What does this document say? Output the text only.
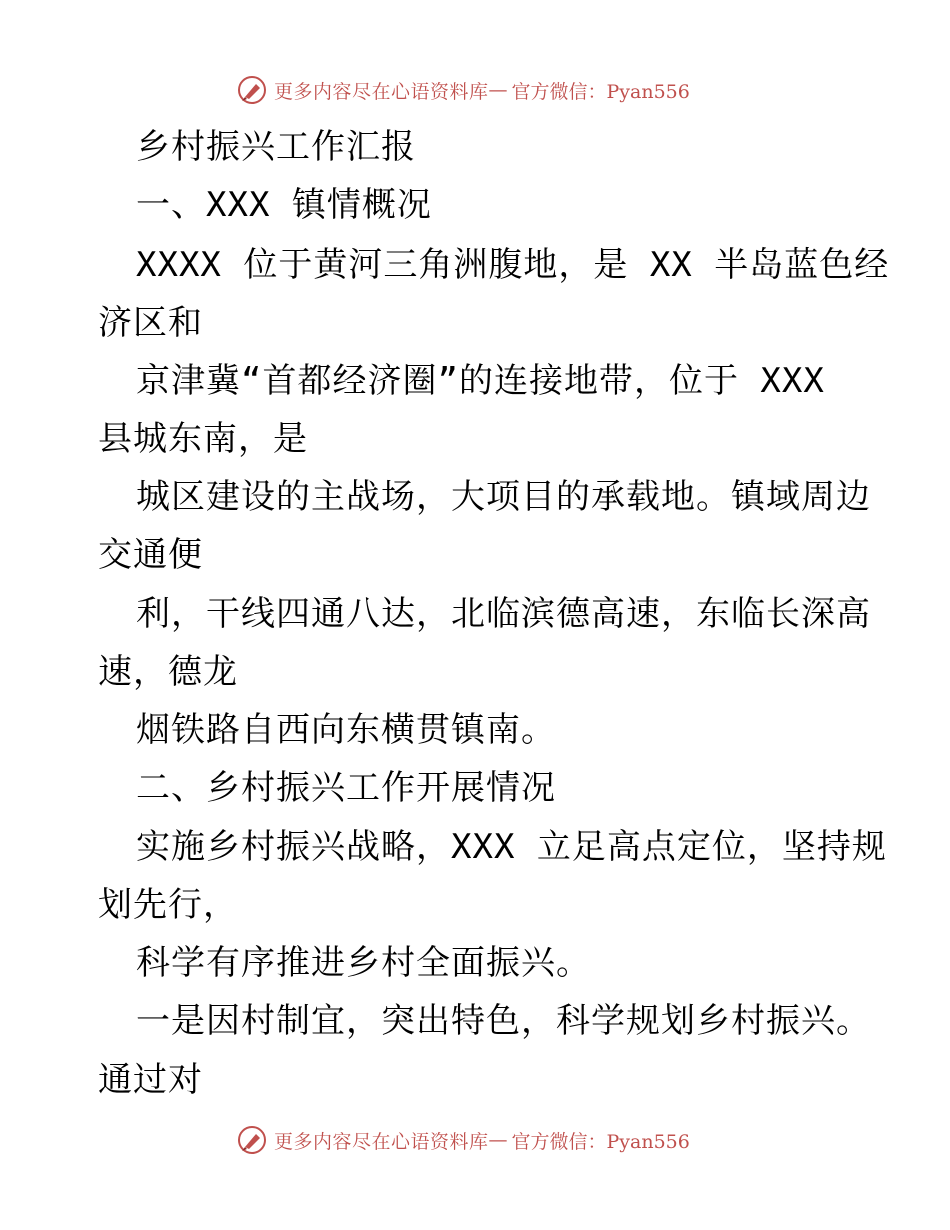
更多内容尽在心语资料库 — 官方微信：Pyan556
乡村振兴工作汇报
一、XXX 镇情概况
XXXX 位于黄河三角洲腹地，是 XX 半岛蓝色经
济区和
京津冀“首都经济圈”的连接地带，位于 XXX
县城东南，是
城区建设的主战场，大项目的承载地。镇域周边
交通便
利，干线四通八达，北临滨德高速，东临长深高
速，德龙
烟铁路自西向东横贯镇南。
二、乡村振兴工作开展情况
实施乡村振兴战略，XXX 立足高点定位，坚持规
划先行，
科学有序推进乡村全面振兴。
一是因村制宜，突出特色，科学规划乡村振兴。
通过对
更多内容尽在心语资料库 — 官方微信：Pyan556
